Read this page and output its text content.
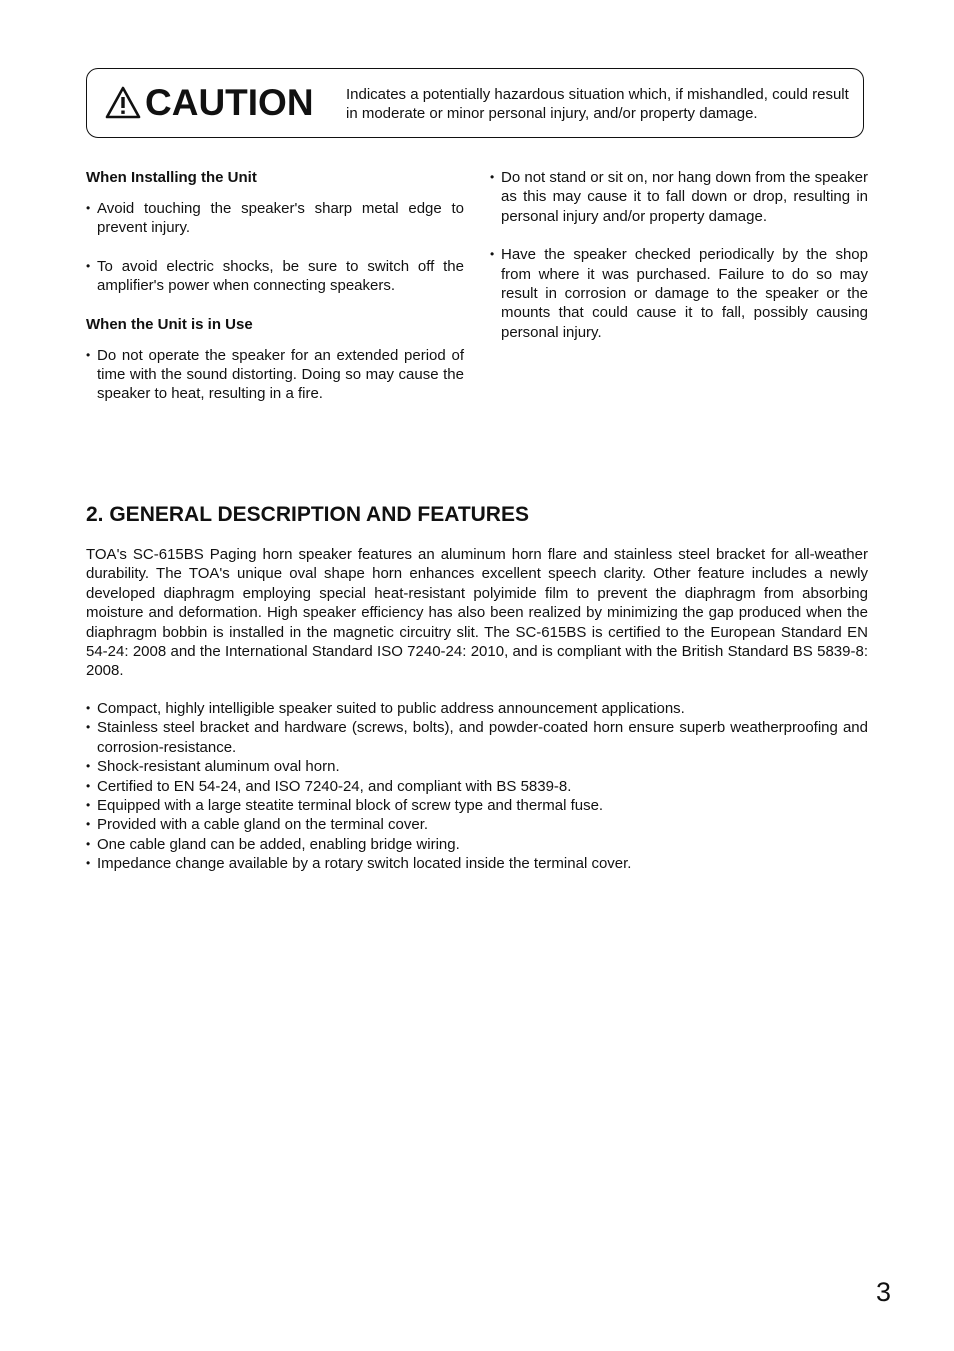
CAUTION Indicates a potentially hazardous situation which, if mishandled, could result in moderate or minor personal injury, and/or property damage.
When Installing the Unit
• Avoid touching the speaker's sharp metal edge to prevent injury.
• To avoid electric shocks, be sure to switch off the amplifier's power when connecting speakers.
When the Unit is in Use
• Do not operate the speaker for an extended period of time with the sound distorting. Doing so may cause the speaker to heat, resulting in a fire.
• Do not stand or sit on, nor hang down from the speaker as this may cause it to fall down or drop, resulting in personal injury and/or property damage.
• Have the speaker checked periodically by the shop from where it was purchased. Failure to do so may result in corrosion or damage to the speaker or the mounts that could cause it to fall, possibly causing personal injury.
2. GENERAL DESCRIPTION AND FEATURES

TOA's SC-615BS Paging horn speaker features an aluminum horn flare and stainless steel bracket for all-weather durability. The TOA's unique oval shape horn enhances excellent speech clarity. Other feature includes a newly developed diaphragm employing special heat-resistant polyimide film to prevent the diaphragm from absorbing moisture and deformation. High speaker efficiency has also been realized by minimizing the gap produced when the diaphragm bobbin is installed in the magnetic circuitry slit. The SC-615BS is certified to the European Standard EN 54-24: 2008 and the International Standard ISO 7240-24: 2010, and is compliant with the British Standard BS 5839-8: 2008.

• Compact, highly intelligible speaker suited to public address announcement applications.
• Stainless steel bracket and hardware (screws, bolts), and powder-coated horn ensure superb weatherproofing and corrosion-resistance.
• Shock-resistant aluminum oval horn.
• Certified to EN 54-24, and ISO 7240-24, and compliant with BS 5839-8.
• Equipped with a large steatite terminal block of screw type and thermal fuse.
• Provided with a cable gland on the terminal cover.
• One cable gland can be added, enabling bridge wiring.
• Impedance change available by a rotary switch located inside the terminal cover.
3
